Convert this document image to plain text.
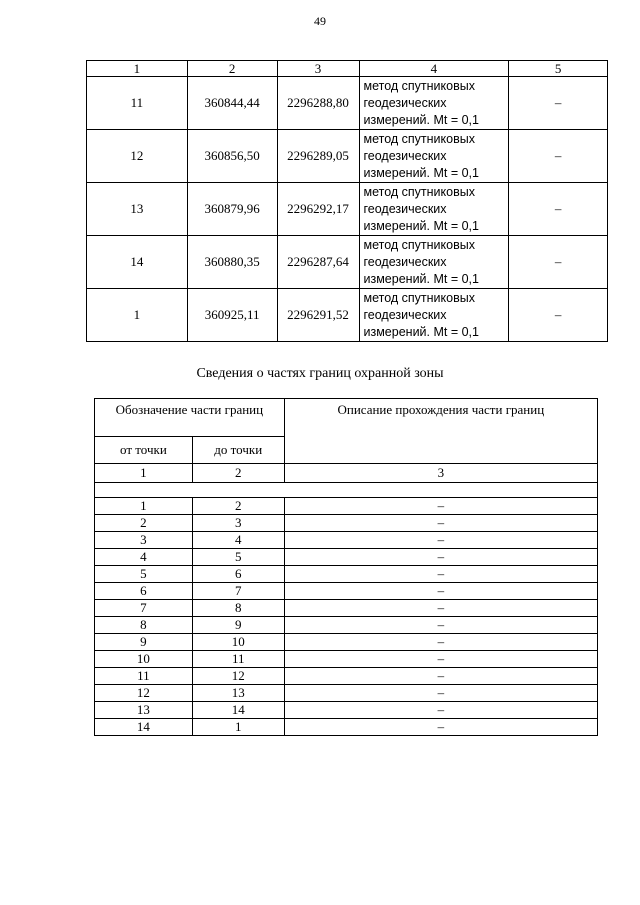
49
1	2	3	4	5
11	360844,44	2296288,80	метод спутниковых
геодезических
измерений. Mt = 0,1	–
12	360856,50	2296289,05	метод спутниковых
геодезических
измерений. Mt = 0,1	–
13	360879,96	2296292,17	метод спутниковых
геодезических
измерений. Mt = 0,1	–
14	360880,35	2296287,64	метод спутниковых
геодезических
измерений. Mt = 0,1	–
1	360925,11	2296291,52	метод спутниковых
геодезических
измерений. Mt = 0,1	–
Сведения о частях границ охранной зоны
Обозначение части границ		Описание прохождения части границ
от точки	до точки	
1	2	3

1	2	–
2	3	–
3	4	–
4	5	–
5	6	–
6	7	–
7	8	–
8	9	–
9	10	–
10	11	–
11	12	–
12	13	–
13	14	–
14	1	–
